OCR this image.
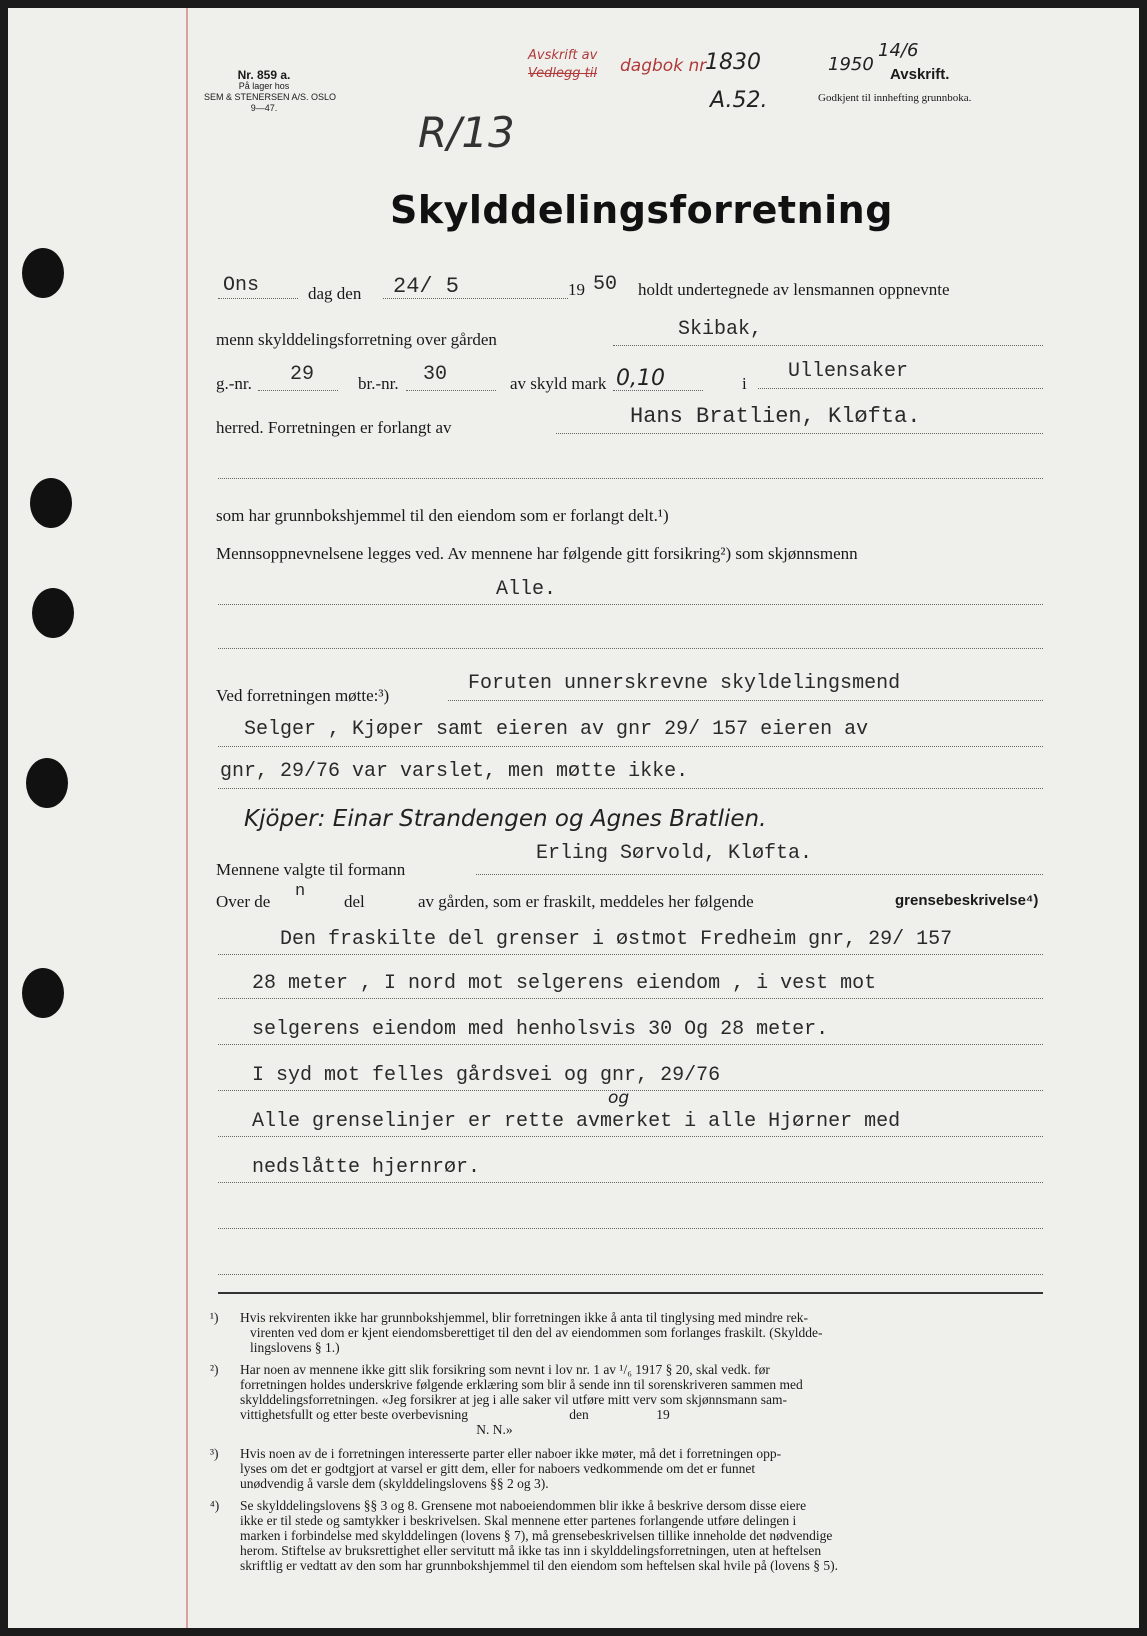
Nr. 859 a.
På lager hos
SEM & STENERSEN A/S. OSLO
9—47.
Avskrift av
Vedlegg til dagbok nr
1830	1950
14/6
Avskrift.
Godkjent til innhefting grunnboka.
A.52.
R/13
Skylddelingsforretning
Ons	dag den 24/ 5	19 50 holdt undertegnede av lensmannen oppnevnte
menn skylddelingsforretning over gården	Skibak,
g.-nr. 29	br.-nr. 30	av skyld mark 0,10	i
Ullensaker
herred. Forretningen er forlangt av	Hans Bratlien, Kløfta.
som har grunnbokshjemmel til den eiendom som er forlangt delt.¹)
Mennsoppnevnelsene legges ved. Av mennene har følgende gitt forsikring²) som skjønnsmenn
Alle.
Ved forretningen møtte:³)
Foruten unnerskrevne skyldelingsmend
Selger , Kjøper samt eieren av gnr 29/ 157 eieren av
gnr, 29/76 var varslet, men møtte ikke.
Kjöper: Einar Strandengen og Agnes Bratlien.
Mennene valgte til formann
Erling Sørvold, Kløfta.
Over de
n
del	av gården, som er fraskilt, meddeles her følgende	grensebeskrivelse⁴)
Den fraskilte del grenser i østmot Fredheim gnr, 29/ 157
28 meter , I nord mot selgerens eiendom , i vest mot
selgerens eiendom med henholsvis 30 Og 28 meter.
I syd mot felles gårdsvei og gnr, 29/76
og
Alle grenselinjer er rette avmerket i alle Hjørner med
nedslåtte hjernrør.
¹) Hvis rekvirenten ikke har grunnbokshjemmel, blir forretningen ikke å anta til tinglysing med mindre rek-
virenten ved dom er kjent eiendomsberettiget til den del av eiendommen som forlanges fraskilt. (Skyldde-
lingslovens § 1.)
²) Har noen av mennene ikke gitt slik forsikring som nevnt i lov nr. 1 av ¹/₆ 1917 § 20, skal vedk. før
forretningen holdes underskrive følgende erklæring som blir å sende inn til sorenskriveren sammen med
skylddelingsforretningen. «Jeg forsikrer at jeg i alle saker vil utføre mitt verv som skjønnsmann sam-
vittighetsfullt og etter beste overbevisning                              den                    19
N. N.»
³) Hvis noen av de i forretningen interesserte parter eller naboer ikke møter, må det i forretningen opp-
lyses om det er godtgjort at varsel er gitt dem, eller for naboers vedkommende om det er funnet
unødvendig å varsle dem (skylddelingslovens §§ 2 og 3).
⁴) Se skylddelingslovens §§ 3 og 8. Grensene mot naboeiendommen blir ikke å beskrive dersom disse eiere
ikke er til stede og samtykker i beskrivelsen. Skal mennene etter partenes forlangende utføre delingen i
marken i forbindelse med skylddelingen (lovens § 7), må grensebeskrivelsen tillike inneholde det nødvendige
herom. Stiftelse av bruksrettighet eller servitutt må ikke tas inn i skylddelingsforretningen, uten at heftelsen
skriftlig er vedtatt av den som har grunnbokshjemmel til den eiendom som heftelsen skal hvile på (lovens § 5).
